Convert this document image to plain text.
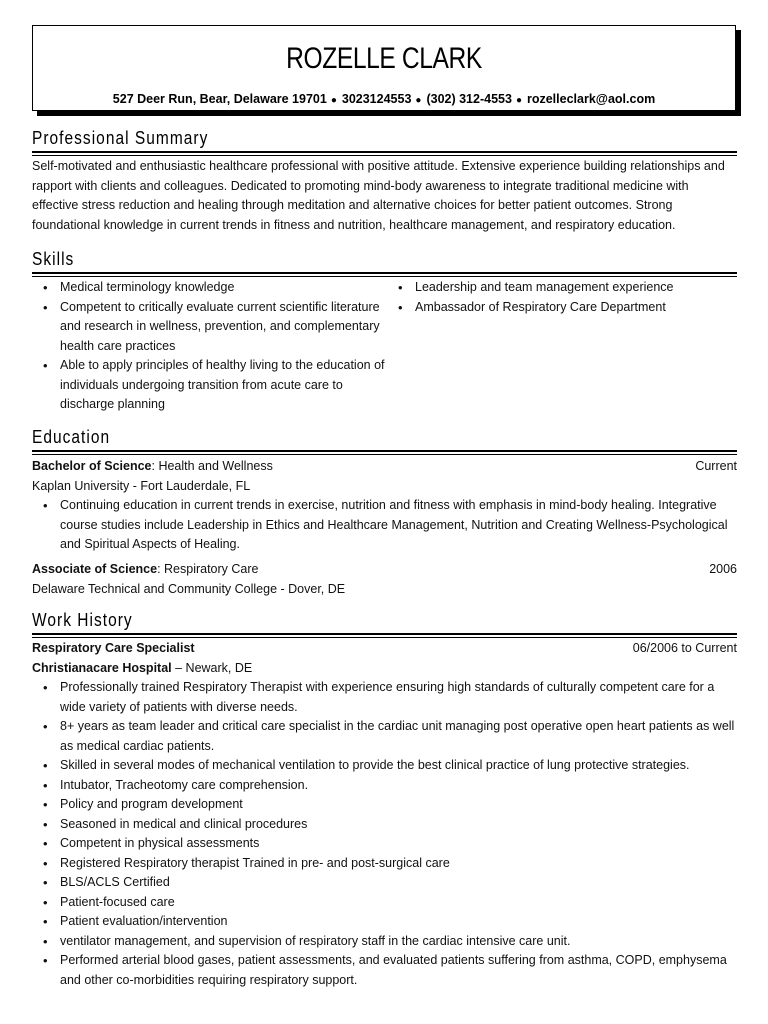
ROZELLE CLARK
527 Deer Run, Bear, Delaware 19701 ● 3023124553 ● (302) 312-4553 ● rozelleclark@aol.com
Professional Summary
Self-motivated and enthusiastic healthcare professional with positive attitude. Extensive experience building relationships and rapport with clients and colleagues. Dedicated to promoting mind-body awareness to integrate traditional medicine with effective stress reduction and healing through meditation and alternative choices for better patient outcomes. Strong foundational knowledge in current trends in fitness and nutrition, healthcare management, and respiratory education.
Skills
• Medical terminology knowledge
• Competent to critically evaluate current scientific literature and research in wellness, prevention, and complementary health care practices
• Able to apply principles of healthy living to the education of individuals undergoing transition from acute care to discharge planning
• Leadership and team management experience
• Ambassador of Respiratory Care Department
Education
Bachelor of Science: Health and Wellness	Current
Kaplan University - Fort Lauderdale, FL
• Continuing education in current trends in exercise, nutrition and fitness with emphasis in mind-body healing. Integrative course studies include Leadership in Ethics and Healthcare Management, Nutrition and Creating Wellness-Psychological and Spiritual Aspects of Healing.
Associate of Science: Respiratory Care	2006
Delaware Technical and Community College - Dover, DE
Work History
Respiratory Care Specialist	06/2006 to Current
Christianacare Hospital – Newark, DE
• Professionally trained Respiratory Therapist with experience ensuring high standards of culturally competent care for a wide variety of patients with diverse needs.
• 8+ years as team leader and critical care specialist in the cardiac unit managing post operative open heart patients as well as medical cardiac patients.
• Skilled in several modes of mechanical ventilation to provide the best clinical practice of lung protective strategies.
• Intubator, Tracheotomy care comprehension.
• Policy and program development
• Seasoned in medical and clinical procedures
• Competent in physical assessments
• Registered Respiratory therapist Trained in pre- and post-surgical care
• BLS/ACLS Certified
• Patient-focused care
• Patient evaluation/intervention
• ventilator management, and supervision of respiratory staff in the cardiac intensive care unit.
• Performed arterial blood gases, patient assessments, and evaluated patients suffering from asthma, COPD, emphysema and other co-morbidities requiring respiratory support.
